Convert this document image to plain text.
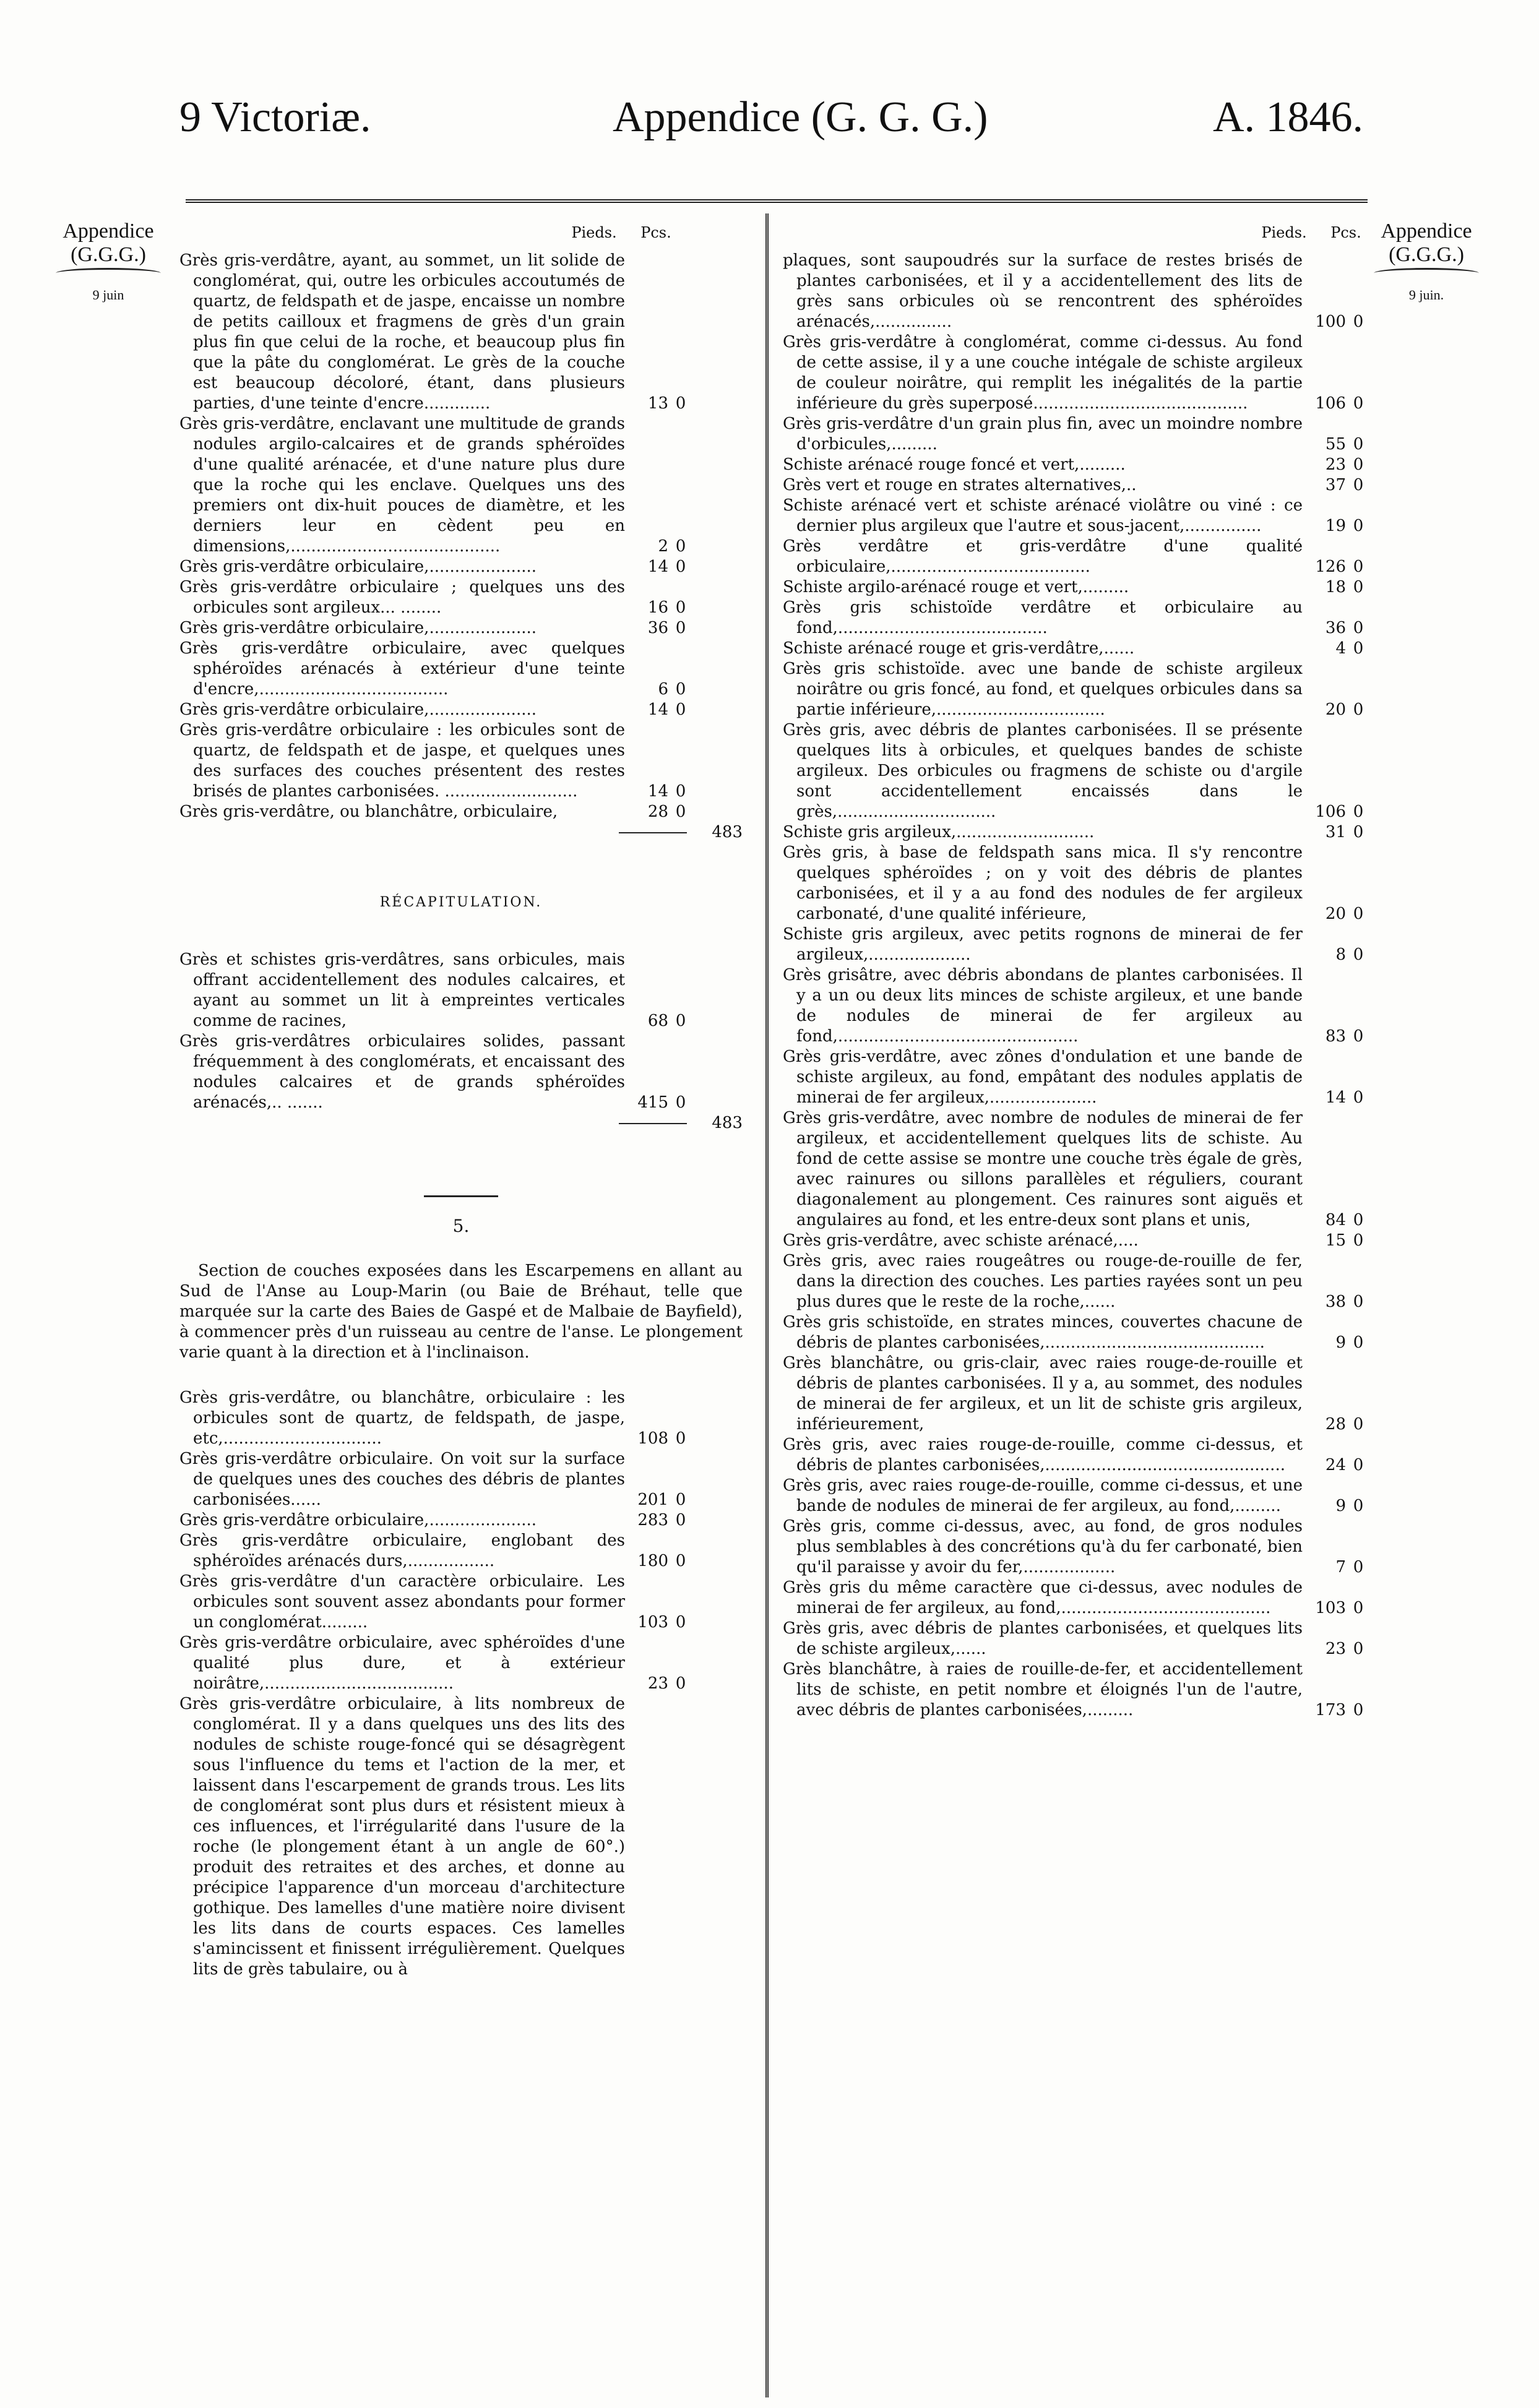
9 Victoriæ.	Appendice (G. G. G.)	A. 1846.
Appendice (G.G.G.)
9 juin
Appendice (G.G.G.)
9 juin.
Pieds.	Pcs.
Grès gris-verdâtre, ayant, au sommet, un lit solide de conglomérat, qui, outre les orbicules accoutumés de quartz, de feldspath et de jaspe, encaisse un nombre de petits cailloux et fragmens de grès d'un grain plus fin que celui de la roche, et beaucoup plus fin que la pâte du conglomérat. Le grès de la couche est beaucoup décoloré, étant, dans plusieurs parties, d'une teinte d'encre.............	13 0
Grès gris-verdâtre, enclavant une multitude de grands nodules argilo-calcaires et de grands sphéroïdes d'une qualité arénacée, et d'une nature plus dure que la roche qui les enclave. Quelques uns des premiers ont dix-huit pouces de diamètre, et les derniers leur en cèdent peu en dimensions,.........................................	2 0
Grès gris-verdâtre orbiculaire,.....................	14 0
Grès gris-verdâtre orbiculaire ; quelques uns des orbicules sont argileux... ........	16 0
Grès gris-verdâtre orbiculaire,.....................	36 0
Grès gris-verdâtre orbiculaire, avec quelques sphéroïdes arénacés à extérieur d'une teinte d'encre,.....................................	6 0
Grès gris-verdâtre orbiculaire,.....................	14 0
Grès gris-verdâtre orbiculaire : les orbicules sont de quartz, de feldspath et de jaspe, et quelques unes des surfaces des couches présentent des restes brisés de plantes carbonisées. ..........................	14 0
Grès gris-verdâtre, ou blanchâtre, orbiculaire,	28 0
483
RÉCAPITULATION.
Grès et schistes gris-verdâtres, sans orbicules, mais offrant accidentellement des nodules calcaires, et ayant au sommet un lit à empreintes verticales comme de racines,	68 0
Grès gris-verdâtres orbiculaires solides, passant fréquemment à des conglomérats, et encaissant des nodules calcaires et de grands sphéroïdes arénacés,.. .......	415 0
483
5.
Section de couches exposées dans les Escarpemens en allant au Sud de l'Anse au Loup-Marin (ou Baie de Bréhaut, telle que marquée sur la carte des Baies de Gaspé et de Malbaie de Bayfield), à commencer près d'un ruisseau au centre de l'anse. Le plongement varie quant à la direction et à l'inclinaison.
Grès gris-verdâtre, ou blanchâtre, orbiculaire : les orbicules sont de quartz, de feldspath, de jaspe, etc,...............................	108 0
Grès gris-verdâtre orbiculaire. On voit sur la surface de quelques unes des couches des débris de plantes carbonisées......	201 0
Grès gris-verdâtre orbiculaire,.....................	283 0
Grès gris-verdâtre orbiculaire, englobant des sphéroïdes arénacés durs,.................	180 0
Grès gris-verdâtre d'un caractère orbiculaire. Les orbicules sont souvent assez abondants pour former un conglomérat.........	103 0
Grès gris-verdâtre orbiculaire, avec sphéroïdes d'une qualité plus dure, et à extérieur noirâtre,.....................................	23 0
Grès gris-verdâtre orbiculaire, à lits nombreux de conglomérat. Il y a dans quelques uns des lits des nodules de schiste rouge-foncé qui se désagrègent sous l'influence du tems et l'action de la mer, et laissent dans l'escarpement de grands trous. Les lits de conglomérat sont plus durs et résistent mieux à ces influences, et l'irrégularité dans l'usure de la roche (le plongement étant à un angle de 60°.) produit des retraites et des arches, et donne au précipice l'apparence d'un morceau d'architecture gothique. Des lamelles d'une matière noire divisent les lits dans de courts espaces. Ces lamelles s'amincissent et finissent irrégulièrement. Quelques lits de grès tabulaire, ou à
Pieds.	Pcs.
plaques, sont saupoudrés sur la surface de restes brisés de plantes carbonisées, et il y a accidentellement des lits de grès sans orbicules où se rencontrent des sphéroïdes arénacés,...............	100 0
Grès gris-verdâtre à conglomérat, comme ci-dessus. Au fond de cette assise, il y a une couche intégale de schiste argileux de couleur noirâtre, qui remplit les inégalités de la partie inférieure du grès superposé..........................................	106 0
Grès gris-verdâtre d'un grain plus fin, avec un moindre nombre d'orbicules,.........	55 0
Schiste arénacé rouge foncé et vert,.........	23 0
Grès vert et rouge en strates alternatives,..	37 0
Schiste arénacé vert et schiste arénacé violâtre ou viné : ce dernier plus argileux que l'autre et sous-jacent,...............	19 0
Grès verdâtre et gris-verdâtre d'une qualité orbiculaire,.......................................	126 0
Schiste argilo-arénacé rouge et vert,.........	18 0
Grès gris schistoïde verdâtre et orbiculaire au fond,.........................................	36 0
Schiste arénacé rouge et gris-verdâtre,......	4 0
Grès gris schistoïde. avec une bande de schiste argileux noirâtre ou gris foncé, au fond, et quelques orbicules dans sa partie inférieure,.................................	20 0
Grès gris, avec débris de plantes carbonisées. Il se présente quelques lits à orbicules, et quelques bandes de schiste argileux. Des orbicules ou fragmens de schiste ou d'argile sont accidentellement encaissés dans le grès,...............................	106 0
Schiste gris argileux,...........................	31 0
Grès gris, à base de feldspath sans mica. Il s'y rencontre quelques sphéroïdes ; on y voit des débris de plantes carbonisées, et il y a au fond des nodules de fer argileux carbonaté, d'une qualité inférieure,	20 0
Schiste gris argileux, avec petits rognons de minerai de fer argileux,....................	8 0
Grès grisâtre, avec débris abondans de plantes carbonisées. Il y a un ou deux lits minces de schiste argileux, et une bande de nodules de minerai de fer argileux au fond,...............................................	83 0
Grès gris-verdâtre, avec zônes d'ondulation et une bande de schiste argileux, au fond, empâtant des nodules applatis de minerai de fer argileux,.....................	14 0
Grès gris-verdâtre, avec nombre de nodules de minerai de fer argileux, et accidentellement quelques lits de schiste. Au fond de cette assise se montre une couche très égale de grès, avec rainures ou sillons parallèles et réguliers, courant diagonalement au plongement. Ces rainures sont aiguës et angulaires au fond, et les entre-deux sont plans et unis,	84 0
Grès gris-verdâtre, avec schiste arénacé,....	15 0
Grès gris, avec raies rougeâtres ou rouge-de-rouille de fer, dans la direction des couches. Les parties rayées sont un peu plus dures que le reste de la roche,......	38 0
Grès gris schistoïde, en strates minces, couvertes chacune de débris de plantes carbonisées,...........................................	9 0
Grès blanchâtre, ou gris-clair, avec raies rouge-de-rouille et débris de plantes carbonisées. Il y a, au sommet, des nodules de minerai de fer argileux, et un lit de schiste gris argileux, inférieurement,	28 0
Grès gris, avec raies rouge-de-rouille, comme ci-dessus, et débris de plantes carbonisées,...............................................	24 0
Grès gris, avec raies rouge-de-rouille, comme ci-dessus, et une bande de nodules de minerai de fer argileux, au fond,.........	9 0
Grès gris, comme ci-dessus, avec, au fond, de gros nodules plus semblables à des concrétions qu'à du fer carbonaté, bien qu'il paraisse y avoir du fer,..................	7 0
Grès gris du même caractère que ci-dessus, avec nodules de minerai de fer argileux, au fond,.........................................	103 0
Grès gris, avec débris de plantes carbonisées, et quelques lits de schiste argileux,......	23 0
Grès blanchâtre, à raies de rouille-de-fer, et accidentellement lits de schiste, en petit nombre et éloignés l'un de l'autre, avec débris de plantes carbonisées,.........	173 0
